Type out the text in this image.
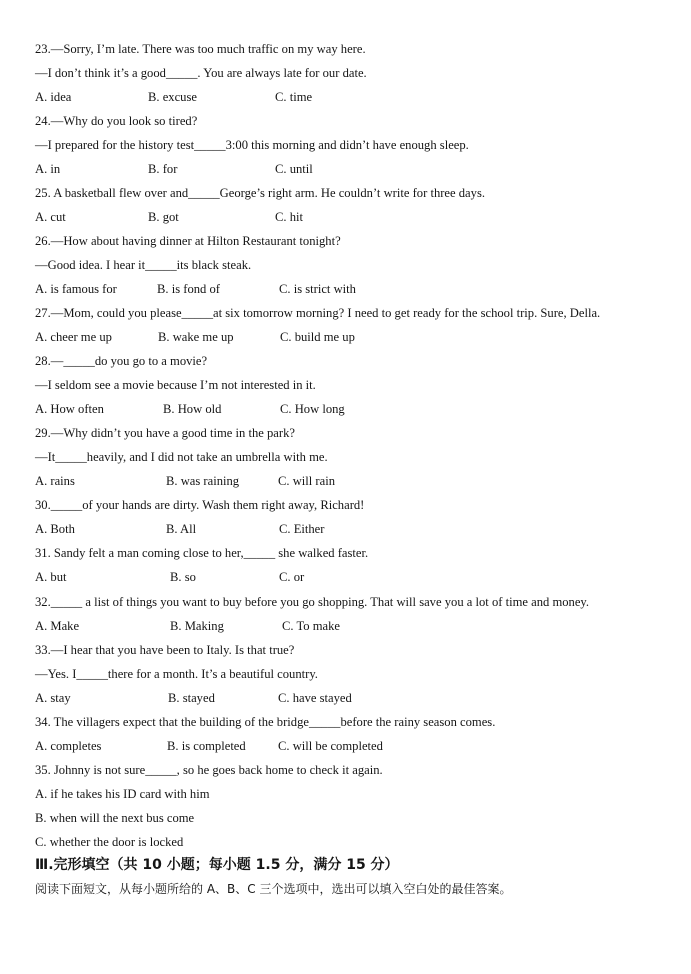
23.—Sorry, I’m late. There was too much traffic on my way here.
—I don’t think it’s a good_____. You are always late for our date.
A. idea	B. excuse	C. time
24.—Why do you look so tired?
—I prepared for the history test_____3:00 this morning and didn’t have enough sleep.
A. in	B. for	C. until
25. A basketball flew over and_____George’s right arm. He couldn’t write for three days.
A. cut	B. got	C. hit
26.—How about having dinner at Hilton Restaurant tonight?
—Good idea. I hear it_____its black steak.
A. is famous for	B. is fond of	C. is strict with
27.—Mom, could you please_____at six tomorrow morning? I need to get ready for the school trip. Sure, Della.
A. cheer me up	B. wake me up	C. build me up
28.—_____do you go to a movie?
—I seldom see a movie because I’m not interested in it.
A. How often	B. How old	C. How long
29.—Why didn’t you have a good time in the park?
—It_____heavily, and I did not take an umbrella with me.
A. rains	B. was raining	C. will rain
30._____of your hands are dirty. Wash them right away, Richard!
A. Both	B. All	C. Either
31. Sandy felt a man coming close to her,_____ she walked faster.
A. but	B. so	C. or
32._____ a list of things you want to buy before you go shopping. That will save you a lot of time and money.
A. Make	B. Making	C. To make
33.—I hear that you have been to Italy. Is that true?
—Yes. I_____there for a month. It’s a beautiful country.
A. stay	B. stayed	C. have stayed
34. The villagers expect that the building of the bridge_____before the rainy season comes.
A. completes	B. is completed	C. will be completed
35. Johnny is not sure_____, so he goes back home to check it again.
A. if he takes his ID card with him
B. when will the next bus come
C. whether the door is locked
Ⅲ.完形填空（共 10 小题；每小题 1.5 分，满分 15 分）
阅读下面短文，从每小题所给的 A、B、C 三个选项中，选出可以填入空白处的最佳答案。
